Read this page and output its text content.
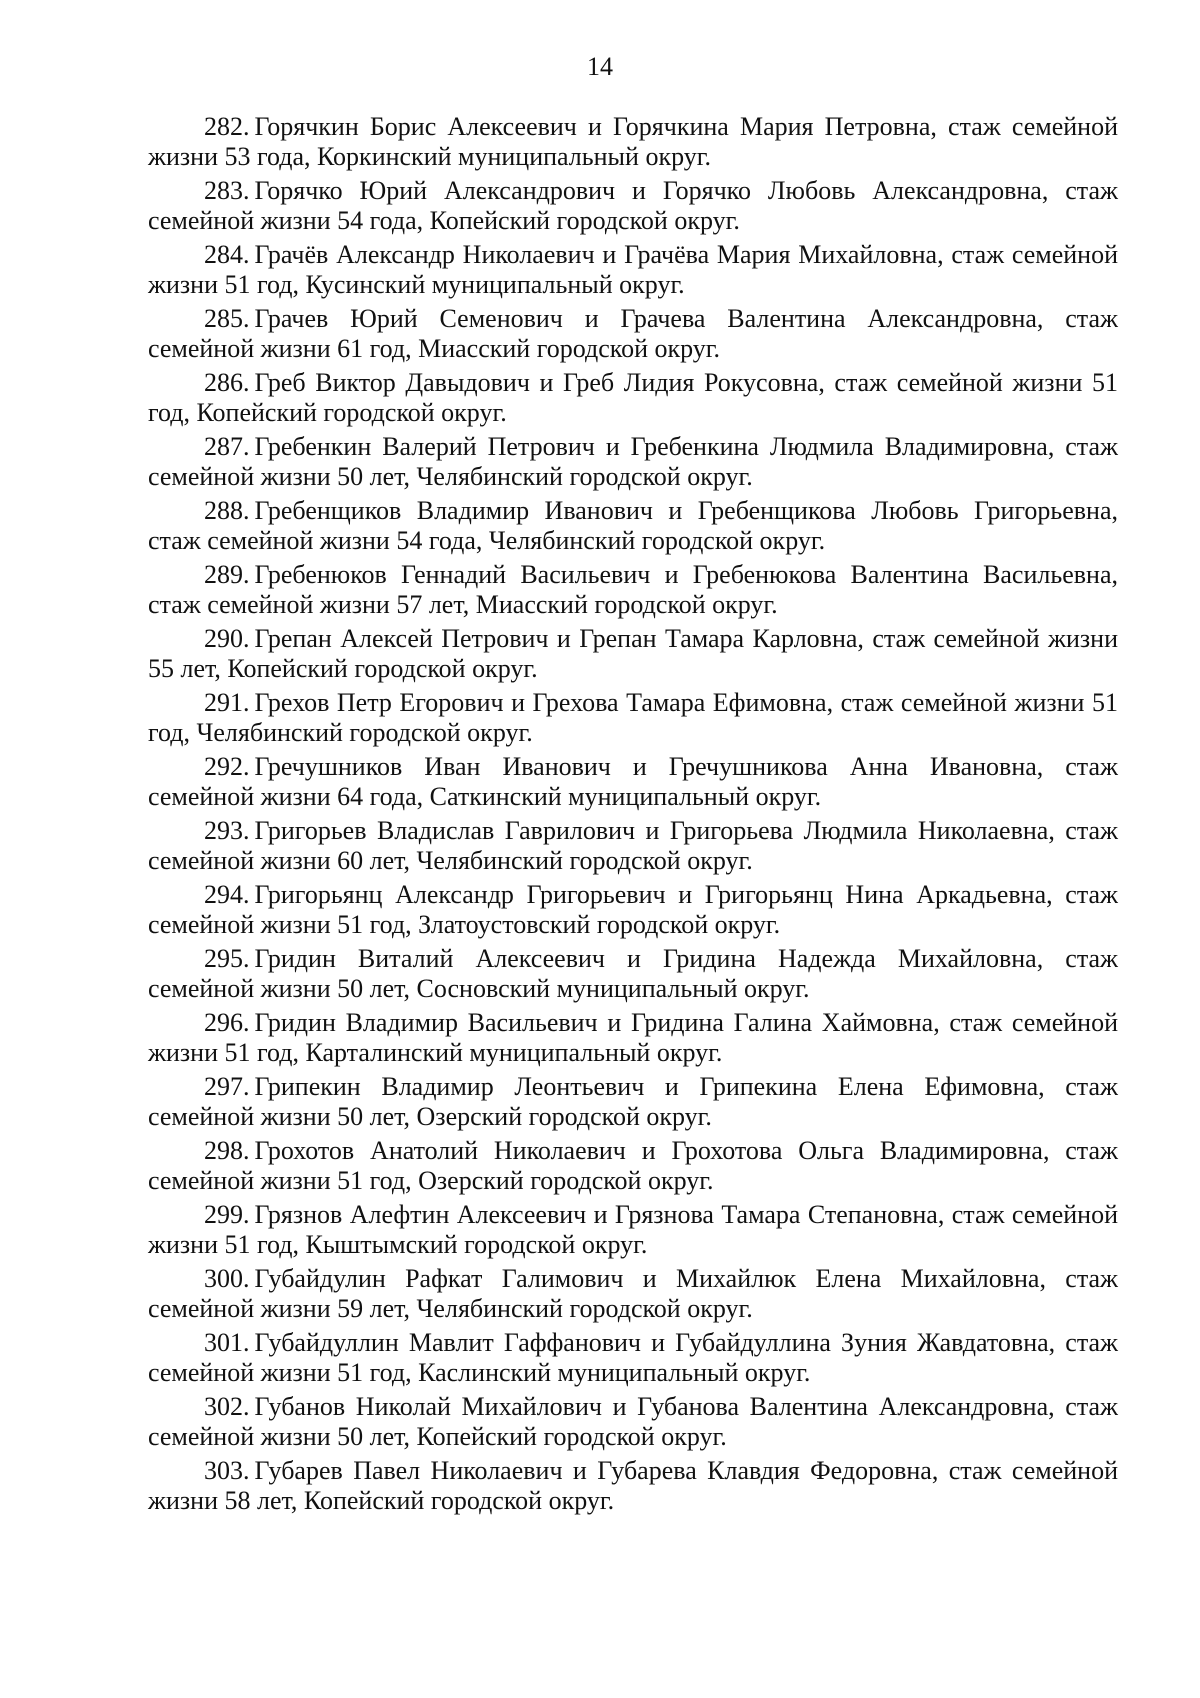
14
282. Горячкин Борис Алексеевич и Горячкина Мария Петровна, стаж семейной жизни 53 года, Коркинский муниципальный округ.
283. Горячко Юрий Александрович и Горячко Любовь Александровна, стаж семейной жизни 54 года, Копейский городской округ.
284. Грачёв Александр Николаевич и Грачёва Мария Михайловна, стаж семейной жизни 51 год, Кусинский муниципальный округ.
285. Грачев Юрий Семенович и Грачева Валентина Александровна, стаж семейной жизни 61 год, Миасский городской округ.
286. Греб Виктор Давыдович и Греб Лидия Рокусовна, стаж семейной жизни 51 год, Копейский городской округ.
287. Гребенкин Валерий Петрович и Гребенкина Людмила Владимировна, стаж семейной жизни 50 лет, Челябинский городской округ.
288. Гребенщиков Владимир Иванович и Гребенщикова Любовь Григорьевна, стаж семейной жизни 54 года, Челябинский городской округ.
289. Гребенюков Геннадий Васильевич и Гребенюкова Валентина Васильевна, стаж семейной жизни 57 лет, Миасский городской округ.
290. Грепан Алексей Петрович и Грепан Тамара Карловна, стаж семейной жизни 55 лет, Копейский городской округ.
291. Грехов Петр Егорович и Грехова Тамара Ефимовна, стаж семейной жизни 51 год, Челябинский городской округ.
292. Гречушников Иван Иванович и Гречушникова Анна Ивановна, стаж семейной жизни 64 года, Саткинский муниципальный округ.
293. Григорьев Владислав Гаврилович и Григорьева Людмила Николаевна, стаж семейной жизни 60 лет, Челябинский городской округ.
294. Григорьянц Александр Григорьевич и Григорьянц Нина Аркадьевна, стаж семейной жизни 51 год, Златоустовский городской округ.
295. Гридин Виталий Алексеевич и Гридина Надежда Михайловна, стаж семейной жизни 50 лет, Сосновский муниципальный округ.
296. Гридин Владимир Васильевич и Гридина Галина Хаймовна, стаж семейной жизни 51 год, Карталинский муниципальный округ.
297. Грипекин Владимир Леонтьевич и Грипекина Елена Ефимовна, стаж семейной жизни 50 лет, Озерский городской округ.
298. Грохотов Анатолий Николаевич и Грохотова Ольга Владимировна, стаж семейной жизни 51 год, Озерский городской округ.
299. Грязнов Алефтин Алексеевич и Грязнова Тамара Степановна, стаж семейной жизни 51 год, Кыштымский городской округ.
300. Губайдулин Рафкат Галимович и Михайлюк Елена Михайловна, стаж семейной жизни 59 лет, Челябинский городской округ.
301. Губайдуллин Мавлит Гаффанович и Губайдуллина Зуния Жавдатовна, стаж семейной жизни 51 год, Каслинский муниципальный округ.
302. Губанов Николай Михайлович и Губанова Валентина Александровна, стаж семейной жизни 50 лет, Копейский городской округ.
303. Губарев Павел Николаевич и Губарева Клавдия Федоровна, стаж семейной жизни 58 лет, Копейский городской округ.
